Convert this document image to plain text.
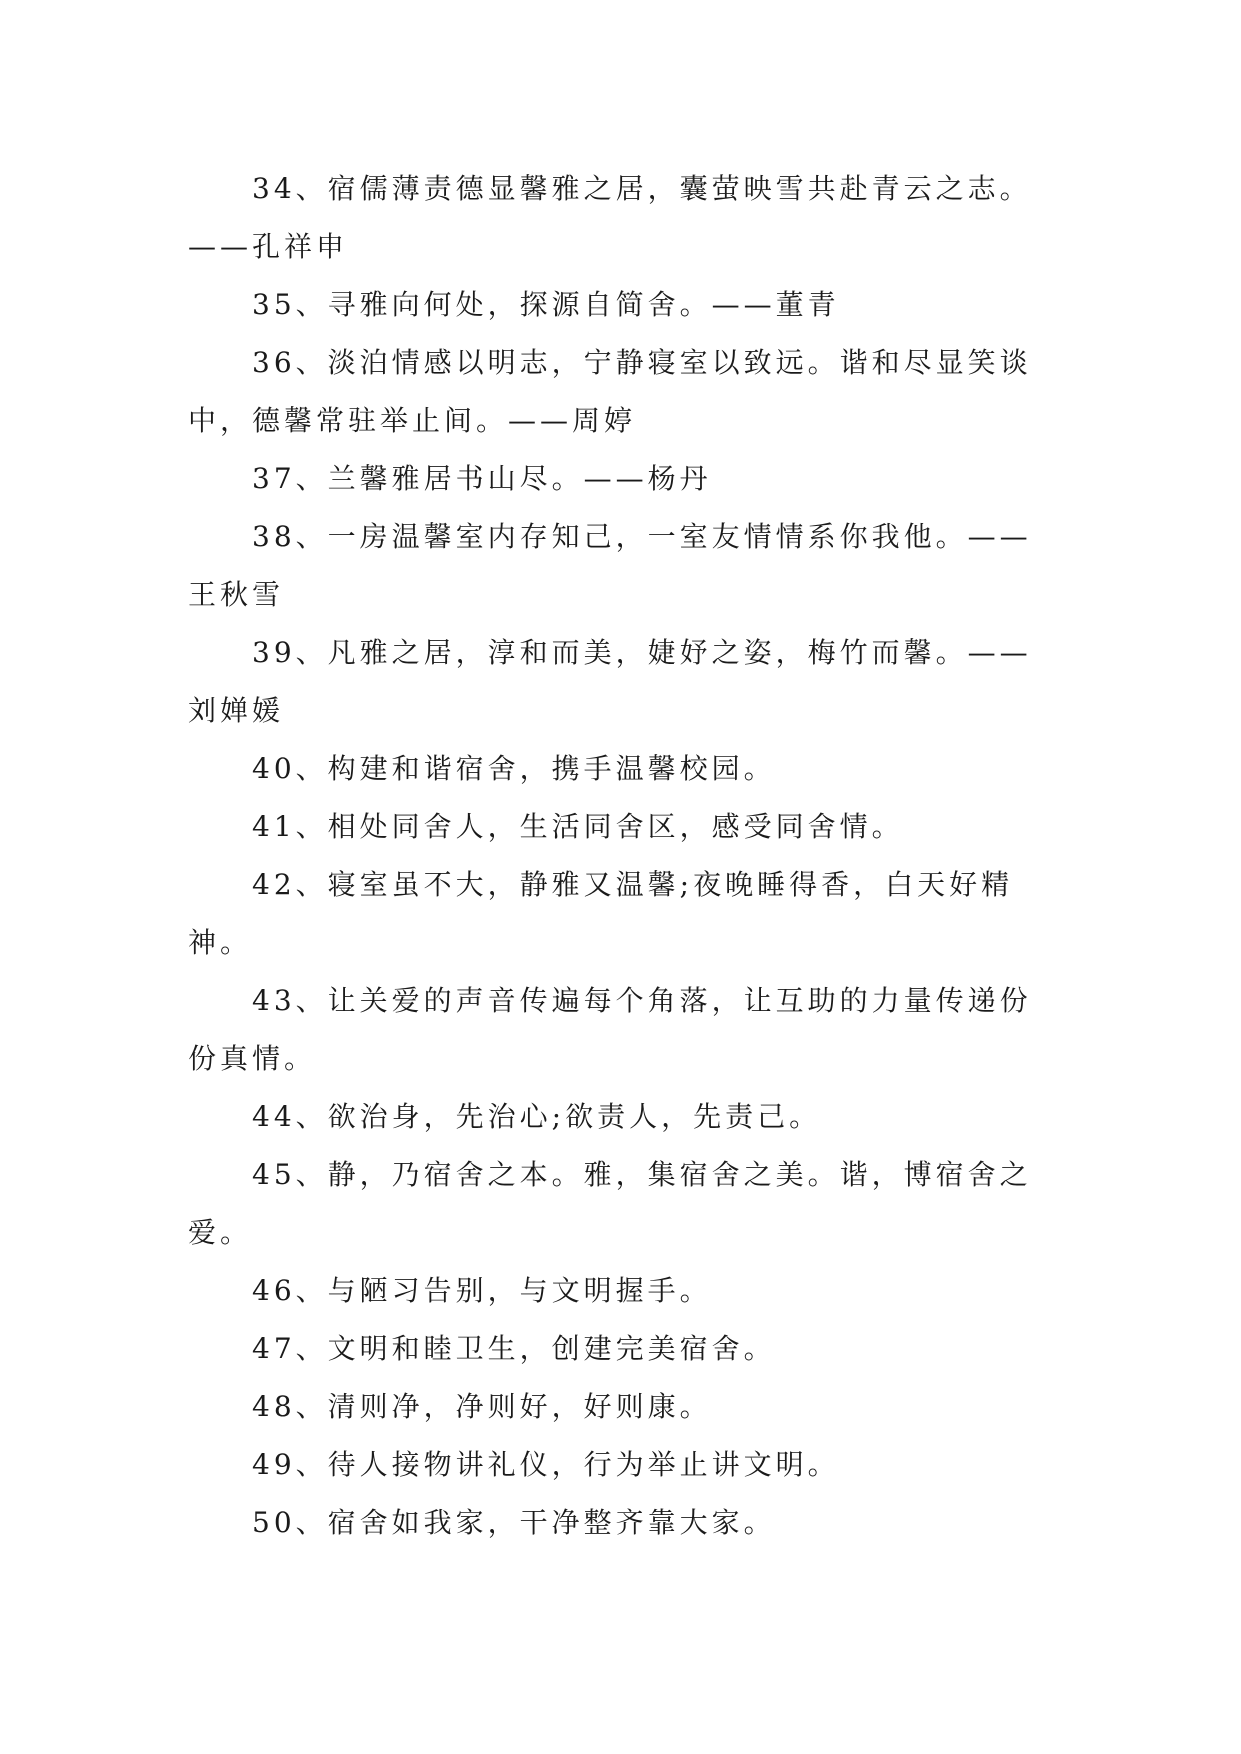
34、宿儒薄责德显馨雅之居，囊萤映雪共赴青云之志。——孔祥申

35、寻雅向何处，探源自简舍。——董青

36、淡泊情感以明志，宁静寝室以致远。谐和尽显笑谈中，德馨常驻举止间。——周婷

37、兰馨雅居书山尽。——杨丹

38、一房温馨室内存知己，一室友情情系你我他。——王秋雪

39、凡雅之居，淳和而美，婕妤之姿，梅竹而馨。——刘婵媛

40、构建和谐宿舍，携手温馨校园。

41、相处同舍人，生活同舍区，感受同舍情。

42、寝室虽不大，静雅又温馨;夜晚睡得香，白天好精神。

43、让关爱的声音传遍每个角落，让互助的力量传递份份真情。

44、欲治身，先治心;欲责人，先责己。

45、静，乃宿舍之本。雅，集宿舍之美。谐，博宿舍之爱。

46、与陋习告别，与文明握手。

47、文明和睦卫生，创建完美宿舍。

48、清则净，净则好，好则康。

49、待人接物讲礼仪，行为举止讲文明。

50、宿舍如我家，干净整齐靠大家。
